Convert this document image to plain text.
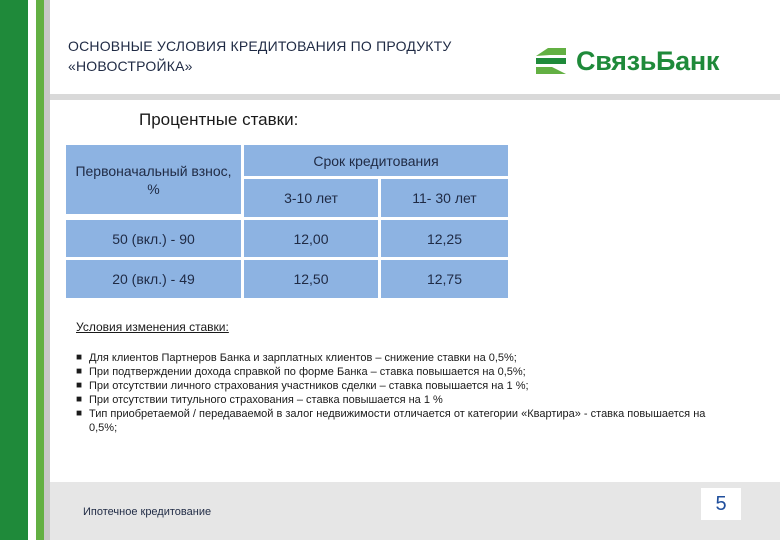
ОСНОВНЫЕ УСЛОВИЯ КРЕДИТОВАНИЯ ПО ПРОДУКТУ
«НОВОСТРОЙКА»	СвязьБанк
Процентные ставки:
Первоначальный взнос, %
Срок кредитования
3-10 лет	11- 30 лет
50 (вкл.) - 90	12,00	12,25
20 (вкл.) - 49	12,50	12,75
Условия изменения ставки:
■ Для клиентов Партнеров Банка и зарплатных клиентов – снижение ставки на 0,5%;
■ При подтверждении дохода справкой по форме Банка – ставка повышается на 0,5%;
■ При отсутствии личного страхования участников сделки – ставка повышается на 1 %;
■ При отсутствии титульного страхования – ставка повышается на 1 %
■ Тип приобретаемой / передаваемой в залог недвижимости отличается от категории «Квартира» - ставка повышается на 0,5%;
Ипотечное кредитование	5
